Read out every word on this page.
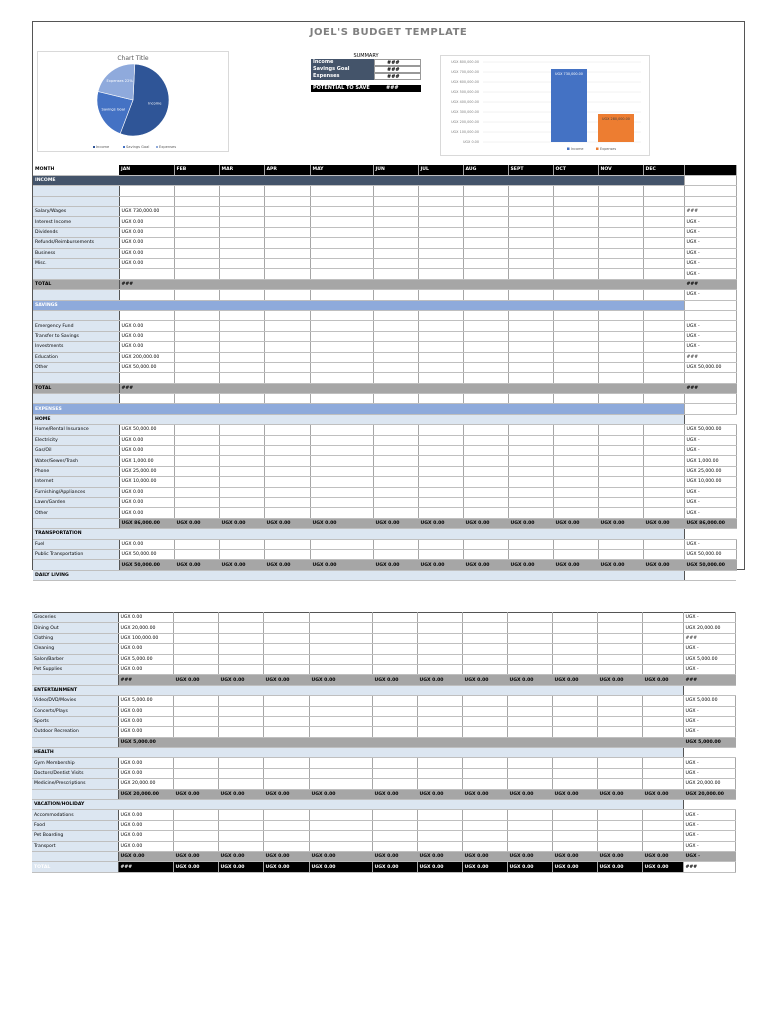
JOEL'S BUDGET TEMPLATE
Chart Title
Income
Savings Goal
Expenses 22%
Income	Savings Goal	Expenses
SUMMARY
Income	###
Savings Goal	###
Expenses	###
POTENTIAL TO SAVE	###
UGX 800,000.00
UGX 700,000.00
UGX 600,000.00
UGX 500,000.00
UGX 400,000.00
UGX 300,000.00
UGX 200,000.00
UGX 100,000.00
UGX 0.00
UGX 730,000.00
UGX 280,000.00
Income	Expenses
MONTH	JAN	FEB	MAR	APR	MAY	JUN	JUL	AUG	SEPT	OCT	NOV	DEC	
INCOME													

Salary/Wages	UGX 730,000.00												###
Interest Income	UGX 0.00												UGX -
Dividends	UGX 0.00												UGX -
Refunds/Reimbursements	UGX 0.00												UGX -
Business	UGX 0.00												UGX -
Misc.	UGX 0.00												UGX -
													UGX -
TOTAL	###												###
													UGX -
SAVINGS													

Emergency Fund	UGX 0.00												UGX -
Transfer to Savings	UGX 0.00												UGX -
Investments	UGX 0.00												UGX -
Education	UGX 200,000.00												###
Other	UGX 50,000.00												UGX 50,000.00

TOTAL	###												###

EXPENSES													
HOME													
Home/Rental Insurance	UGX 50,000.00												UGX 50,000.00
Electricity	UGX 0.00												UGX -
Gas/Oil	UGX 0.00												UGX -
Water/Sewer/Trash	UGX 1,000.00												UGX 1,000.00
Phone	UGX 25,000.00												UGX 25,000.00
Internet	UGX 10,000.00												UGX 10,000.00
Furnishing/Appliances	UGX 0.00												UGX -
Lawn/Garden	UGX 0.00												UGX -
Other	UGX 0.00												UGX -
	UGX 86,000.00	UGX 0.00	UGX 0.00	UGX 0.00	UGX 0.00	UGX 0.00	UGX 0.00	UGX 0.00	UGX 0.00	UGX 0.00	UGX 0.00	UGX 0.00	UGX 86,000.00
TRANSPORTATION													
Fuel	UGX 0.00												UGX -
Public Transportation	UGX 50,000.00												UGX 50,000.00
	UGX 50,000.00	UGX 0.00	UGX 0.00	UGX 0.00	UGX 0.00	UGX 0.00	UGX 0.00	UGX 0.00	UGX 0.00	UGX 0.00	UGX 0.00	UGX 0.00	UGX 50,000.00
DAILY LIVING													
Groceries	UGX 0.00												UGX -
Dining Out	UGX 20,000.00												UGX 20,000.00
Clothing	UGX 100,000.00												###
Cleaning	UGX 0.00												UGX -
Salon/Barber	UGX 5,000.00												UGX 5,000.00
Pet Supplies	UGX 0.00												UGX -
	###	UGX 0.00	UGX 0.00	UGX 0.00	UGX 0.00	UGX 0.00	UGX 0.00	UGX 0.00	UGX 0.00	UGX 0.00	UGX 0.00	UGX 0.00	###
ENTERTAINMENT													
Video/DVD/Movies	UGX 5,000.00												UGX 5,000.00
Concerts/Plays	UGX 0.00												UGX -
Sports	UGX 0.00												UGX -
Outdoor Recreation	UGX 0.00												UGX -
	UGX 5,000.00												UGX 5,000.00
HEALTH													
Gym Membership	UGX 0.00												UGX -
Doctors/Dentist Visits	UGX 0.00												UGX -
Medicine/Prescriptions	UGX 20,000.00												UGX 20,000.00
	UGX 20,000.00	UGX 0.00	UGX 0.00	UGX 0.00	UGX 0.00	UGX 0.00	UGX 0.00	UGX 0.00	UGX 0.00	UGX 0.00	UGX 0.00	UGX 0.00	UGX 20,000.00
VACATION/HOLIDAY													
Accommodations	UGX 0.00												UGX -
Food	UGX 0.00												UGX -
Pet Boarding	UGX 0.00												UGX -
Transport	UGX 0.00												UGX -
	UGX 0.00	UGX 0.00	UGX 0.00	UGX 0.00	UGX 0.00	UGX 0.00	UGX 0.00	UGX 0.00	UGX 0.00	UGX 0.00	UGX 0.00	UGX 0.00	UGX -
TOTAL	###	UGX 0.00	UGX 0.00	UGX 0.00	UGX 0.00	UGX 0.00	UGX 0.00	UGX 0.00	UGX 0.00	UGX 0.00	UGX 0.00	UGX 0.00	###
